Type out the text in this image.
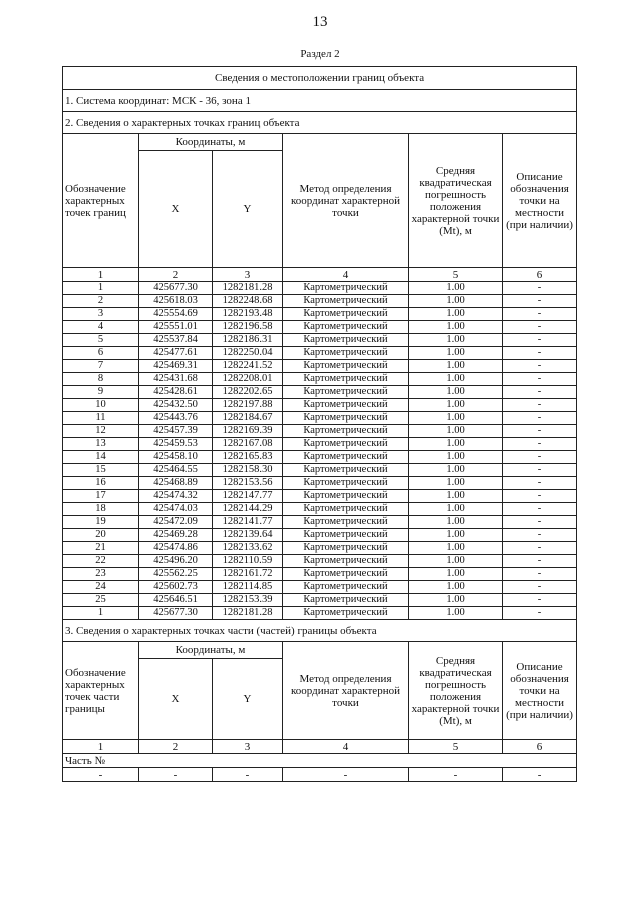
13
Раздел 2
Сведения о местоположении границ объекта					
1. Система координат: МСК - 36, зона 1					
2. Сведения о характерных точках границ объекта					
Обозначение характерных точек границ	Координаты, м		Метод определения координат характерной точки	Средняя квадратическая погрешность положения характерной точки (Mt), м	Описание обозначения точки на местности (при наличии)
	X	Y			
1	2	3	4	5	6
1	425677.30	1282181.28	Картометрический	1.00	-
2	425618.03	1282248.68	Картометрический	1.00	-
3	425554.69	1282193.48	Картометрический	1.00	-
4	425551.01	1282196.58	Картометрический	1.00	-
5	425537.84	1282186.31	Картометрический	1.00	-
6	425477.61	1282250.04	Картометрический	1.00	-
7	425469.31	1282241.52	Картометрический	1.00	-
8	425431.68	1282208.01	Картометрический	1.00	-
9	425428.61	1282202.65	Картометрический	1.00	-
10	425432.50	1282197.88	Картометрический	1.00	-
11	425443.76	1282184.67	Картометрический	1.00	-
12	425457.39	1282169.39	Картометрический	1.00	-
13	425459.53	1282167.08	Картометрический	1.00	-
14	425458.10	1282165.83	Картометрический	1.00	-
15	425464.55	1282158.30	Картометрический	1.00	-
16	425468.89	1282153.56	Картометрический	1.00	-
17	425474.32	1282147.77	Картометрический	1.00	-
18	425474.03	1282144.29	Картометрический	1.00	-
19	425472.09	1282141.77	Картометрический	1.00	-
20	425469.28	1282139.64	Картометрический	1.00	-
21	425474.86	1282133.62	Картометрический	1.00	-
22	425496.20	1282110.59	Картометрический	1.00	-
23	425562.25	1282161.72	Картометрический	1.00	-
24	425602.73	1282114.85	Картометрический	1.00	-
25	425646.51	1282153.39	Картометрический	1.00	-
1	425677.30	1282181.28	Картометрический	1.00	-
3. Сведения о характерных точках части (частей) границы объекта					
Обозначение характерных точек части границы	Координаты, м		Метод определения координат характерной точки	Средняя квадратическая погрешность положения характерной точки (Mt), м	Описание обозначения точки на местности (при наличии)
	X	Y			
1	2	3	4	5	6
Часть №					
-	-	-	-	-	-
